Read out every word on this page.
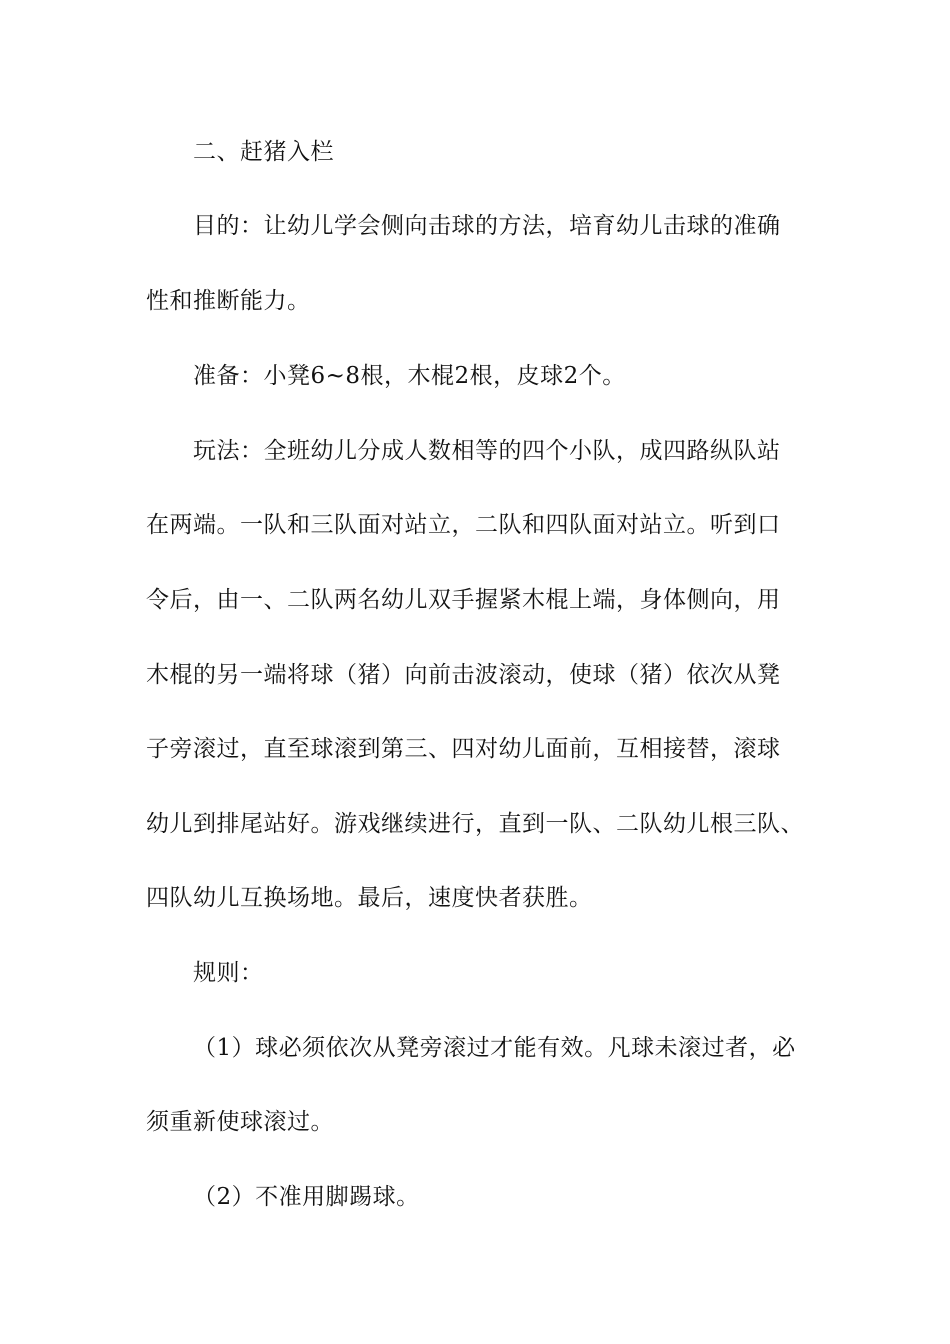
二、赶猪入栏
目的：让幼儿学会侧向击球的方法，培育幼儿击球的准确
性和推断能力。
准备：小凳6~8根，木棍2根，皮球2个。
玩法：全班幼儿分成人数相等的四个小队，成四路纵队站
在两端。一队和三队面对站立，二队和四队面对站立。听到口
令后，由一、二队两名幼儿双手握紧木棍上端，身体侧向，用
木棍的另一端将球（猪）向前击波滚动，使球（猪）依次从凳
子旁滚过，直至球滚到第三、四对幼儿面前，互相接替，滚球
幼儿到排尾站好。游戏继续进行，直到一队、二队幼儿根三队、
四队幼儿互换场地。最后，速度快者获胜。
规则：
（1）球必须依次从凳旁滚过才能有效。凡球未滚过者，必
须重新使球滚过。
（2）不准用脚踢球。
